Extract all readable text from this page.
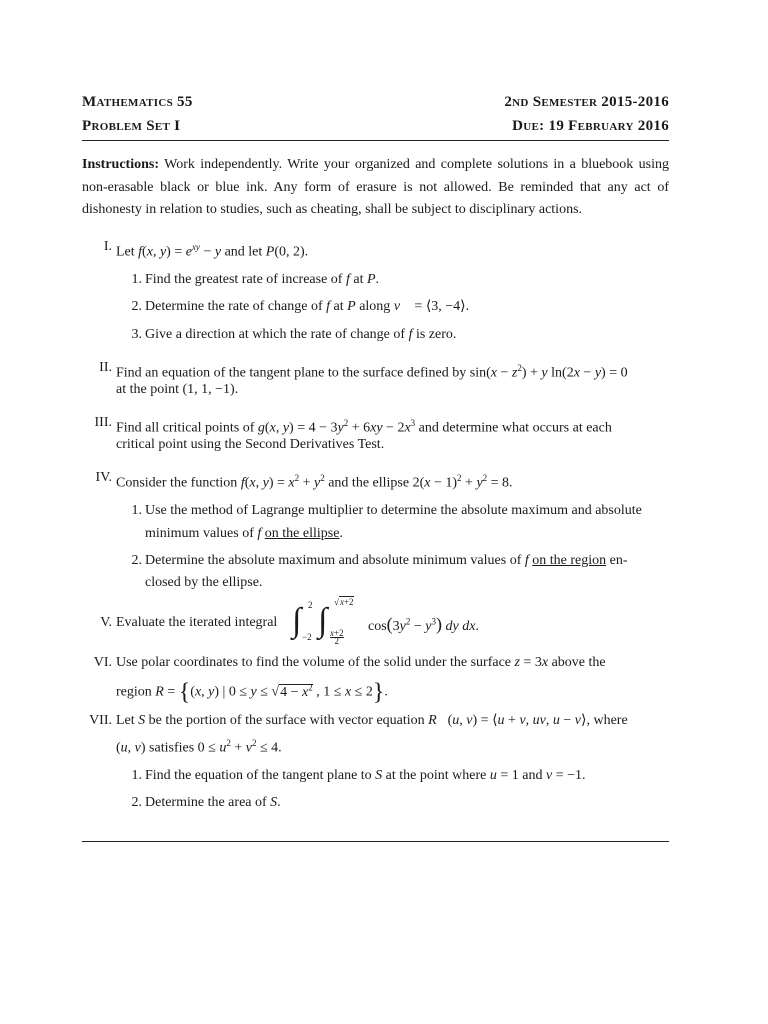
Mathematics 55	2nd Semester 2015-2016
Problem Set I	Due: 19 February 2016
Instructions: Work independently. Write your organized and complete solutions in a bluebook using non-erasable black or blue ink. Any form of erasure is not allowed. Be reminded that any act of dishonesty in relation to studies, such as cheating, shall be subject to disciplinary actions.
I. Let f(x, $y) = e^{xy} - y$ and let P(0, 2).
1. Find the greatest rate of increase of f at P.
2. Determine the rate of change of f at P along v⃗ = ⟨3, −4⟩.
3. Give a direction at which the rate of change of f is zero.
II. Find an equation of the tangent plane to the surface defined by $\sin(x - z^2) + y$ ln(2x − y) = 0
at the point (1, 1, −1).
III. Find all critical points of g(x, $y) = 4 - 3y^2 + 6xy - 2x^3$ and determine what occurs at each
critical point using the Second Derivatives Test.
IV. Consider the function f(x, $y) = x^2 + y^2$ and the ellipse $2(x - 1)^2 + y^2 = 8$.
1. Use the method of Lagrange multiplier to determine the absolute maximum and absolute
minimum values of f on the ellipse.
2. Determine the absolute maximum and absolute minimum values of f on the region en-
closed by the ellipse.
V. Evaluate the iterated integral ∫ 2
−2 ∫ √x+2
x+2
2
$\cos(3y^2 - y^3)$ dy dx.
VI. Use polar coordinates to find the volume of the solid under the surface z = 3x above the
region R = {(x, y) | $0 \le y \le √4 - x^2$ , 1 ≤ x ≤ 2}.
VII. Let S be the portion of the surface with vector equation R⃗(u, v) = ⟨u + v, uv, u − v⟩, where
(u, v) satisfies $0 \le u^2 + v^2 \le 4$.
1. Find the equation of the tangent plane to S at the point where u = 1 and v = −1.
2. Determine the area of S.
